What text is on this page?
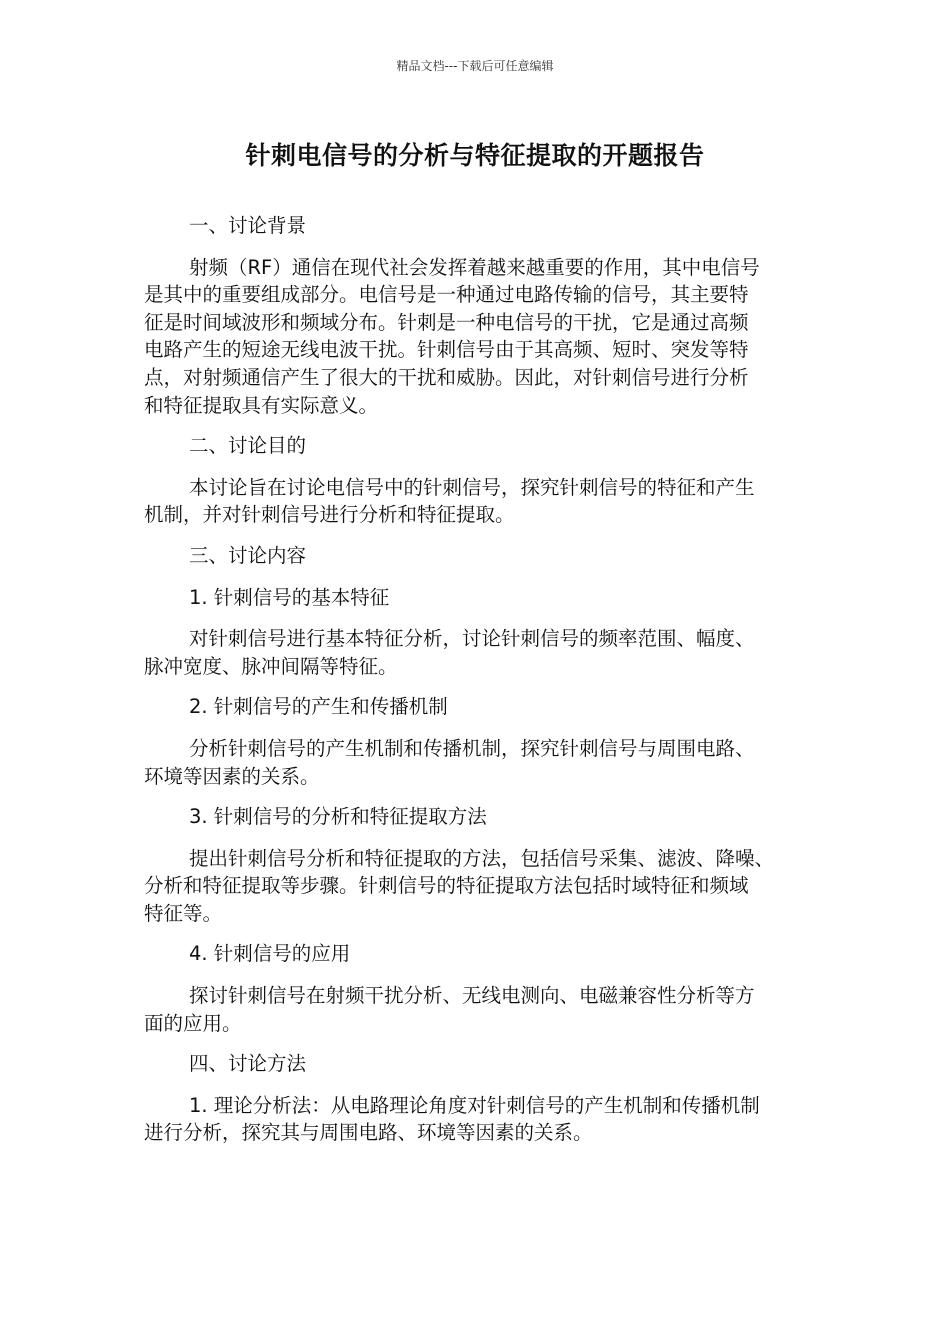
精品文档---下载后可任意编辑
针刺电信号的分析与特征提取的开题报告
一、讨论背景
射频（RF）通信在现代社会发挥着越来越重要的作用，其中电信号
是其中的重要组成部分。电信号是一种通过电路传输的信号，其主要特
征是时间域波形和频域分布。针刺是一种电信号的干扰，它是通过高频
电路产生的短途无线电波干扰。针刺信号由于其高频、短时、突发等特
点，对射频通信产生了很大的干扰和威胁。因此，对针刺信号进行分析
和特征提取具有实际意义。
二、讨论目的
本讨论旨在讨论电信号中的针刺信号，探究针刺信号的特征和产生
机制，并对针刺信号进行分析和特征提取。
三、讨论内容
1. 针刺信号的基本特征
对针刺信号进行基本特征分析，讨论针刺信号的频率范围、幅度、
脉冲宽度、脉冲间隔等特征。
2. 针刺信号的产生和传播机制
分析针刺信号的产生机制和传播机制，探究针刺信号与周围电路、
环境等因素的关系。
3. 针刺信号的分析和特征提取方法
提出针刺信号分析和特征提取的方法，包括信号采集、滤波、降噪、
分析和特征提取等步骤。针刺信号的特征提取方法包括时域特征和频域
特征等。
4. 针刺信号的应用
探讨针刺信号在射频干扰分析、无线电测向、电磁兼容性分析等方
面的应用。
四、讨论方法
1. 理论分析法：从电路理论角度对针刺信号的产生机制和传播机制
进行分析，探究其与周围电路、环境等因素的关系。
